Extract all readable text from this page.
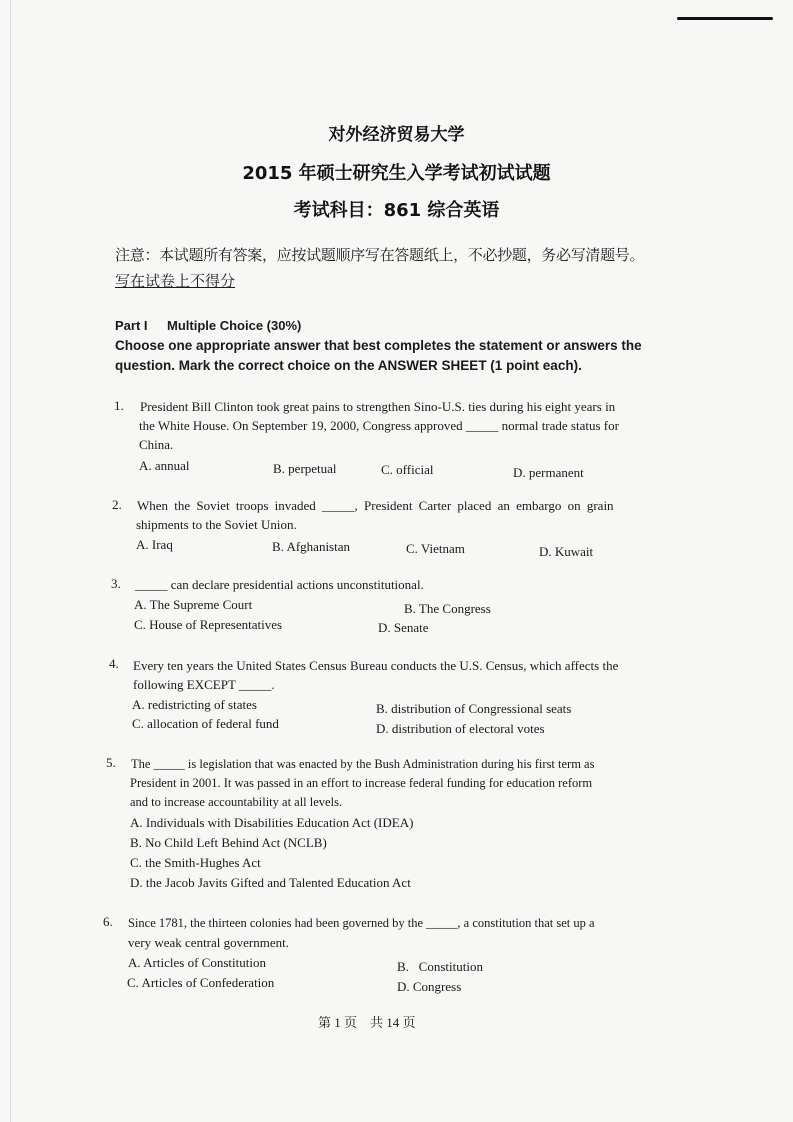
对外经济贸易大学
2015 年硕士研究生入学考试初试试题
考试科目：861 综合英语
注意：本试题所有答案，应按试题顺序写在答题纸上，不必抄题，务必写清题号。
写在试卷上不得分
Part I Multiple Choice (30%)
Choose one appropriate answer that best completes the statement or answers the
question. Mark the correct choice on the ANSWER SHEET (1 point each).
1. President Bill Clinton took great pains to strengthen Sino-U.S. ties during his eight years in
the White House. On September 19, 2000, Congress approved _____ normal trade status for
China.
A. annual	B. perpetual	C. official	D. permanent
2. When the Soviet troops invaded _____, President Carter placed an embargo on grain
shipments to the Soviet Union.
A. Iraq	B. Afghanistan	C. Vietnam	D. Kuwait
3. _____ can declare presidential actions unconstitutional.
A. The Supreme Court	B. The Congress
C. House of Representatives	D. Senate
4. Every ten years the United States Census Bureau conducts the U.S. Census, which affects the
following EXCEPT _____.
A. redistricting of states	B. distribution of Congressional seats
C. allocation of federal fund	D. distribution of electoral votes
5. The _____ is legislation that was enacted by the Bush Administration during his first term as
President in 2001. It was passed in an effort to increase federal funding for education reform
and to increase accountability at all levels.
A. Individuals with Disabilities Education Act (IDEA)
B. No Child Left Behind Act (NCLB)
C. the Smith-Hughes Act
D. the Jacob Javits Gifted and Talented Education Act
6. Since 1781, the thirteen colonies had been governed by the _____, a constitution that set up a
very weak central government.
A. Articles of Constitution	B.   Constitution
C. Articles of Confederation	D. Congress
第 1 页    共 14 页
